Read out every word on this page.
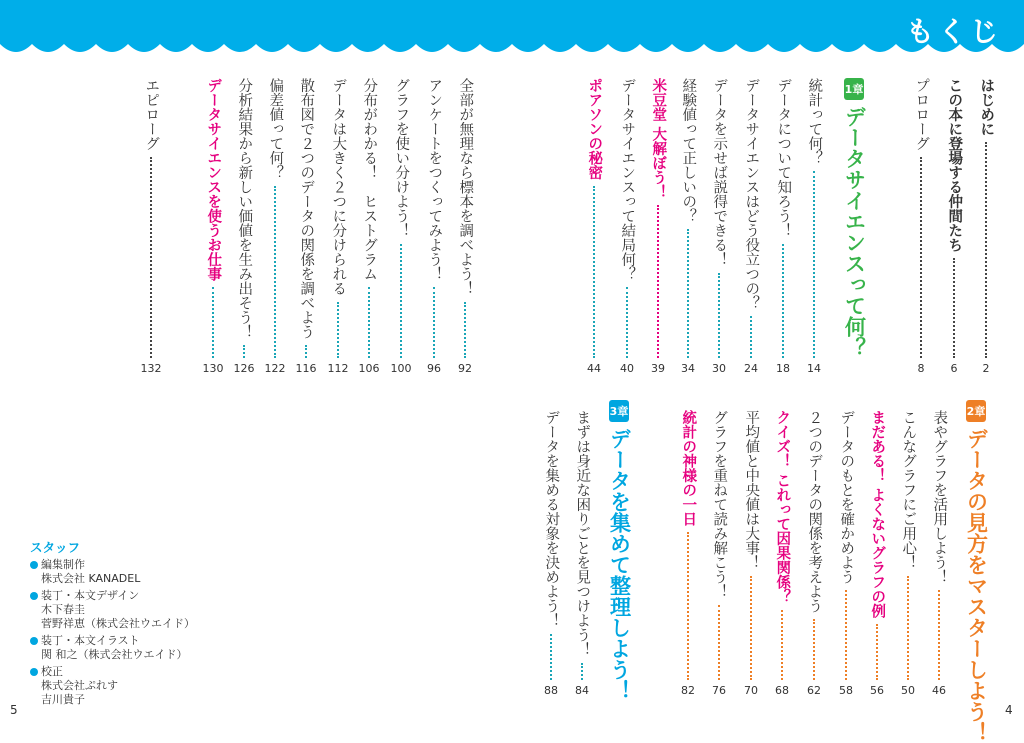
もくじ
はじめに
2
この本に登場する仲間たち
6
プロローグ
8
1章
データサイエンスって何？
統計って何？
14
データについて知ろう！
18
データサイエンスはどう役立つの？
24
データを示せば説得できる！
30
経験値って正しいの？
34
米豆堂 大解ぼう！
39
データサイエンスって結局何？
40
ポアソンの秘密
44
全部が無理なら標本を調べよう！
92
アンケートをつくってみよう！
96
グラフを使い分けよう！
100
分布がわかる！　ヒストグラム
106
データは大きく２つに分けられる
112
散布図で２つのデータの関係を調べよう
116
偏差値って何？
122
分析結果から新しい価値を生み出そう！
126
データサイエンスを使うお仕事
130
エピローグ
132
2章
データの見方をマスターしよう！
表やグラフを活用しよう！
46
こんなグラフにご用心！
50
まだある！ よくないグラフの例
56
データのもとを確かめよう
58
２つのデータの関係を考えよう
62
クイズ！ これって因果関係？
68
平均値と中央値は大事！
70
グラフを重ねて読み解こう！
76
統計の神様の一日
82
3章
データを集めて整理しよう！
まずは身近な困りごとを見つけよう！
84
データを集める対象を決めよう！
88
スタッフ
編集制作
株式会社 KANADEL
装丁・本文デザイン
木下春圭
菅野祥恵（株式会社ウエイド）
装丁・本文イラスト
関 和之（株式会社ウエイド）
校正
株式会社ぷれす
吉川貴子
5	4
